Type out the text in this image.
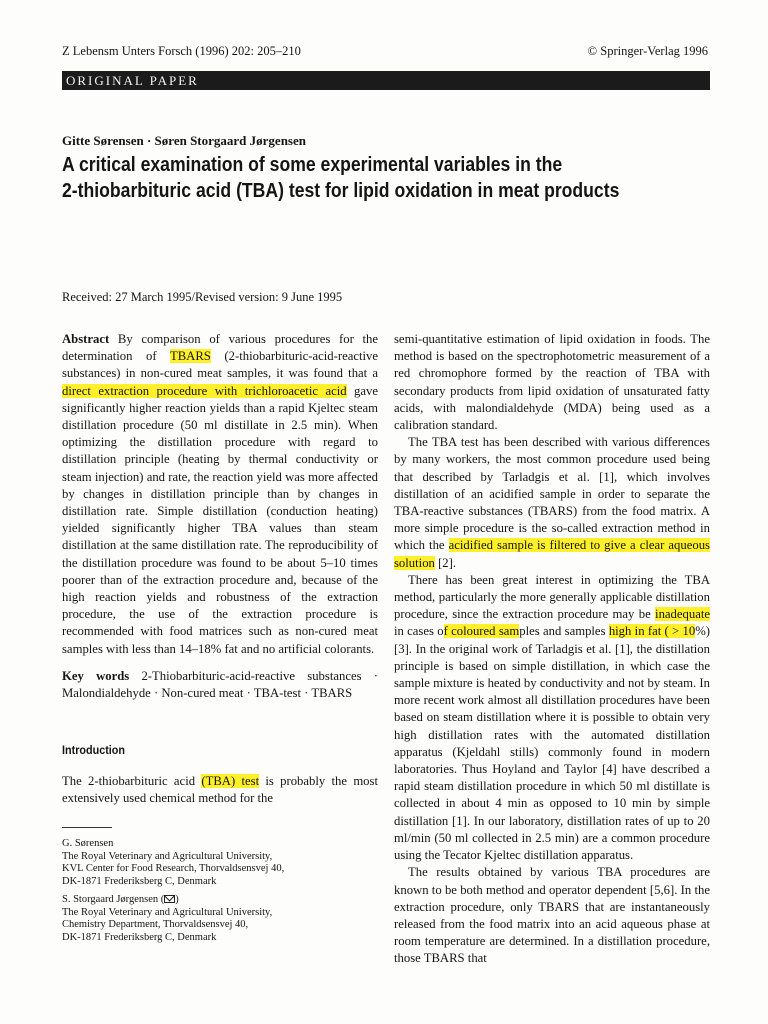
Z Lebensm Unters Forsch (1996) 202: 205–210	© Springer-Verlag 1996
ORIGINAL PAPER
Gitte Sørensen · Søren Storgaard Jørgensen
A critical examination of some experimental variables in the
2-thiobarbituric acid (TBA) test for lipid oxidation in meat products
Received: 27 March 1995/Revised version: 9 June 1995

Abstract By comparison of various procedures for the determination of TBARS (2-thiobarbituric-acid-reactive substances) in non-cured meat samples, it was found that a direct extraction procedure with trichloroacetic acid gave significantly higher reaction yields than a rapid Kjeltec steam distillation procedure (50 ml distillate in 2.5 min). When optimizing the distillation procedure with regard to distillation principle (heating by thermal conductivity or steam injection) and rate, the reaction yield was more affected by changes in distillation principle than by changes in distillation rate. Simple distillation (conduction heating) yielded significantly higher TBA values than steam distillation at the same distillation rate. The reproducibility of the distillation procedure was found to be about 5–10 times poorer than of the extraction procedure and, because of the high reaction yields and robustness of the extraction procedure, the use of the extraction procedure is recommended with food matrices such as non-cured meat samples with less than 14–18% fat and no artificial colorants.

Key words 2-Thiobarbituric-acid-reactive substances · Malondialdehyde · Non-cured meat · TBA-test · TBARS

Introduction

The 2-thiobarbituric acid (TBA) test is probably the most extensively used chemical method for the

G. Sørensen

The Royal Veterinary and Agricultural University,

KVL Center for Food Research, Thorvaldsensvej 40,

DK-1871 Frederiksberg C, Denmark

S. Storgaard Jørgensen ( )

The Royal Veterinary and Agricultural University,

Chemistry Department, Thorvaldsensvej 40,

DK-1871 Frederiksberg C, Denmark

semi-quantitative estimation of lipid oxidation in foods. The method is based on the spectrophotometric measurement of a red chromophore formed by the reaction of TBA with secondary products from lipid oxidation of unsaturated fatty acids, with malondialdehyde (MDA) being used as a calibration standard.

The TBA test has been described with various differences by many workers, the most common procedure used being that described by Tarladgis et al. [1], which involves distillation of an acidified sample in order to separate the TBA-reactive substances (TBARS) from the food matrix. A more simple procedure is the so-called extraction method in which the acidified sample is filtered to give a clear aqueous solution [2].

There has been great interest in optimizing the TBA method, particularly the more generally applicable distillation procedure, since the extraction procedure may be inadequate in cases of coloured samples and samples high in fat ( > 10%) [3]. In the original work of Tarladgis et al. [1], the distillation principle is based on simple distillation, in which case the sample mixture is heated by conductivity and not by steam. In more recent work almost all distillation procedures have been based on steam distillation where it is possible to obtain very high distillation rates with the automated distillation apparatus (Kjeldahl stills) commonly found in modern laboratories. Thus Hoyland and Taylor [4] have described a rapid steam distillation procedure in which 50 ml distillate is collected in about 4 min as opposed to 10 min by simple distillation [1]. In our laboratory, distillation rates of up to 20 ml/min (50 ml collected in 2.5 min) are a common procedure using the Tecator Kjeltec distillation apparatus.

The results obtained by various TBA procedures are known to be both method and operator dependent [5,6]. In the extraction procedure, only TBARS that are instantaneously released from the food matrix into an acid aqueous phase at room temperature are determined. In a distillation procedure, those TBARS that
